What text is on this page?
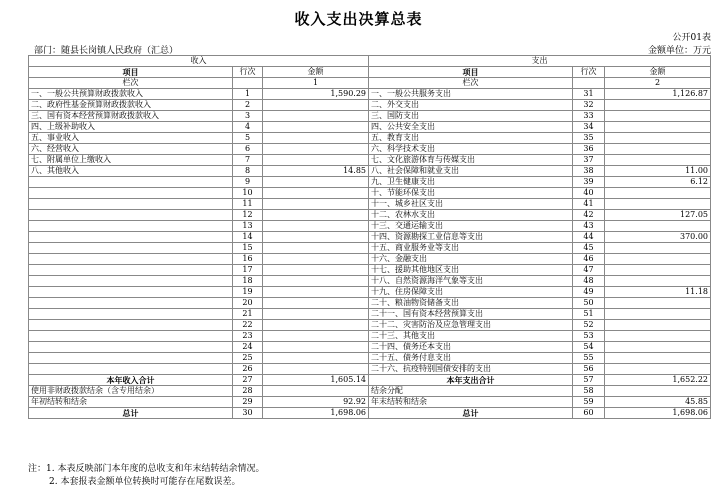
收入支出决算总表
公开01表
部门：随县长岗镇人民政府（汇总）	金额单位：万元
收入			支出		
项目	行次	金额	项目	行次	金额
栏次		1	栏次		2
一、一般公共预算财政拨款收入	1	1,590.29	一、一般公共服务支出	31	1,126.87
二、政府性基金预算财政拨款收入	2		二、外交支出	32	
三、国有资本经营预算财政拨款收入	3		三、国防支出	33	
四、上级补助收入	4		四、公共安全支出	34	
五、事业收入	5		五、教育支出	35	
六、经营收入	6		六、科学技术支出	36	
七、附属单位上缴收入	7		七、文化旅游体育与传媒支出	37	
八、其他收入	8	14.85	八、社会保障和就业支出	38	11.00
	9		九、卫生健康支出	39	6.12
	10		十、节能环保支出	40	
	11		十一、城乡社区支出	41	
	12		十二、农林水支出	42	127.05
	13		十三、交通运输支出	43	
	14		十四、资源勘探工业信息等支出	44	370.00
	15		十五、商业服务业等支出	45	
	16		十六、金融支出	46	
	17		十七、援助其他地区支出	47	
	18		十八、自然资源海洋气象等支出	48	
	19		十九、住房保障支出	49	11.18
	20		二十、粮油物资储备支出	50	
	21		二十一、国有资本经营预算支出	51	
	22		二十二、灾害防治及应急管理支出	52	
	23		二十三、其他支出	53	
	24		二十四、债务还本支出	54	
	25		二十五、债务付息支出	55	
	26		二十六、抗疫特别国债安排的支出	56	
本年收入合计	27	1,605.14	本年支出合计	57	1,652.22
使用非财政拨款结余（含专用结余）	28		结余分配	58	
年初结转和结余	29	92.92	年末结转和结余	59	45.85
总计	30	1,698.06	总计	60	1,698.06
注：1. 本表反映部门本年度的总收支和年末结转结余情况。
2. 本套报表金额单位转换时可能存在尾数误差。
